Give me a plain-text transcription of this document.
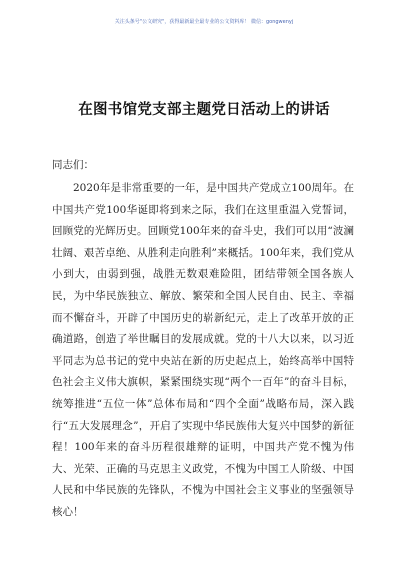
关注头条号"公文研究"，获得最新最全最专业的公文资料库！ 微信：gongwenyj
在图书馆党支部主题党日活动上的讲话
同志们：

2020年是非常重要的一年，是中国共产党成立100周年。在中国共产党100华诞即将到来之际，我们在这里重温入党誓词，回顾党的光辉历史。回顾党100年来的奋斗史，我们可以用“波澜壮阔、艰苦卓绝、从胜利走向胜利”来概括。100年来，我们党从小到大，由弱到强，战胜无数艰难险阻，团结带领全国各族人民，为中华民族独立、解放、繁荣和全国人民自由、民主、幸福而不懈奋斗，开辟了中国历史的崭新纪元，走上了改革开放的正确道路，创造了举世瞩目的发展成就。党的十八大以来，以习近平同志为总书记的党中央站在新的历史起点上，始终高举中国特色社会主义伟大旗帜，紧紧围绕实现“两个一百年”的奋斗目标，统筹推进“五位一体”总体布局和“四个全面”战略布局，深入践行“五大发展理念”，开启了实现中华民族伟大复兴中国梦的新征程！100年来的奋斗历程很雄辩的证明，中国共产党不愧为伟大、光荣、正确的马克思主义政党，不愧为中国工人阶级、中国人民和中华民族的先锋队，不愧为中国社会主义事业的坚强领导核心！
